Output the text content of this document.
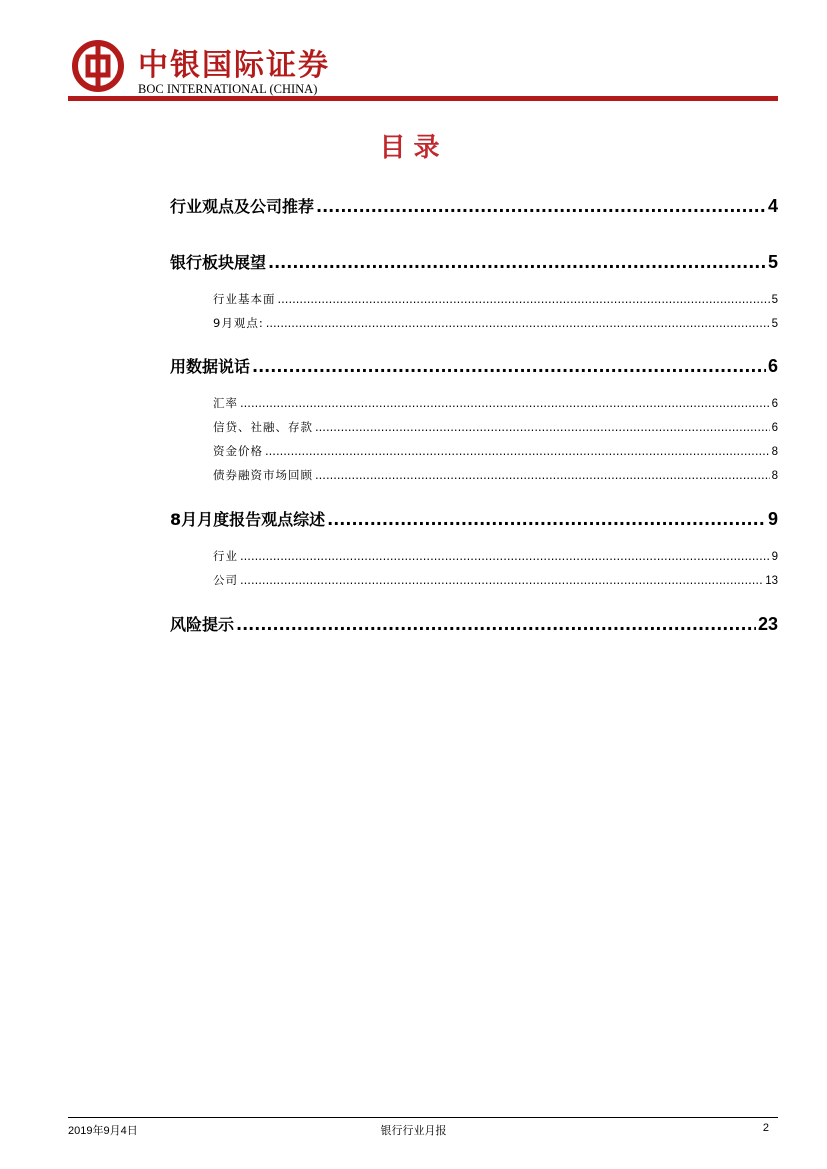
中银国际证券
BOC INTERNATIONAL (CHINA)
目录
行业观点及公司推荐 .....	4
银行板块展望 .....	5
行业基本面 .....	5
9月观点: .....	5
用数据说话 .....	6
汇率 .....	6
信贷、社融、存款 .....	6
资金价格 .....	8
债券融资市场回顾 .....	8
8月月度报告观点综述 .....	9
行业 .....	9
公司 .....	13
风险提示 .....	23
2019年9月4日	银行行业月报	2
